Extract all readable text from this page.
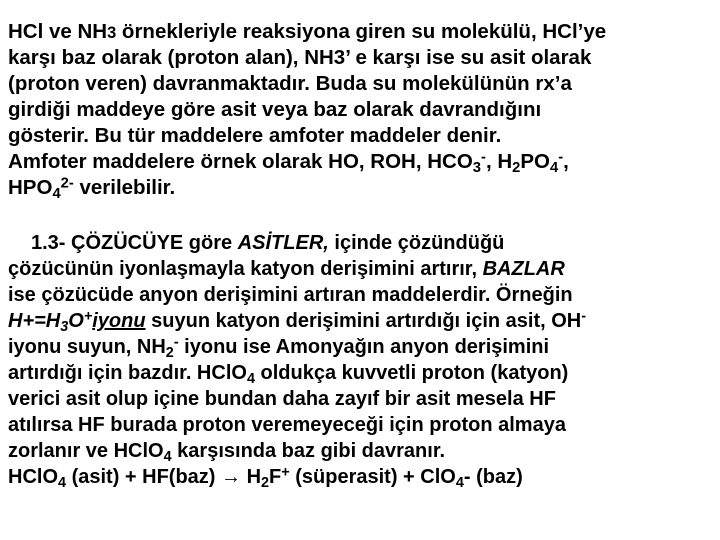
HCl ve NH3 örnekleriyle reaksiyona giren su molekülü, HCl’ye
karşı baz olarak (proton alan), NH3’ e karşı ise su asit olarak
(proton veren) davranmaktadır. Buda su molekülünün rx’a
girdiği maddeye göre asit veya baz olarak davrandığını
gösterir. Bu tür maddelere amfoter maddeler denir.
Amfoter maddelere örnek olarak HO, ROH, $HCO_3^-$, $H_2PO_4^-$,
$HPO_4^{2-}$ verilebilir.
1.3- ÇÖZÜCÜYE göre ASİTLER, içinde çözündüğü
çözücünün iyonlaşmayla katyon derişimini artırır, BAZLAR
ise çözücüde anyon derişimini artıran maddelerdir. Örneğin
$H+=H_3O^+iyonu$ suyun katyon derişimini artırdığı için asit, OH-
iyonu suyun, $NH_2^-$ iyonu ise Amonyağın anyon derişimini
artırdığı için bazdır. HClO$_4$ oldukça kuvvetli proton (katyon)
verici asit olup içine bundan daha zayıf bir asit mesela HF
atılırsa HF burada proton veremeyeceği için proton almaya
zorlanır ve HClO$_4$ karşısında baz gibi davranır.
HClO$_4$ (asit) + $HF(baz) \to H_2F^+$ (süperasit) + ClO$_4$- (baz)
